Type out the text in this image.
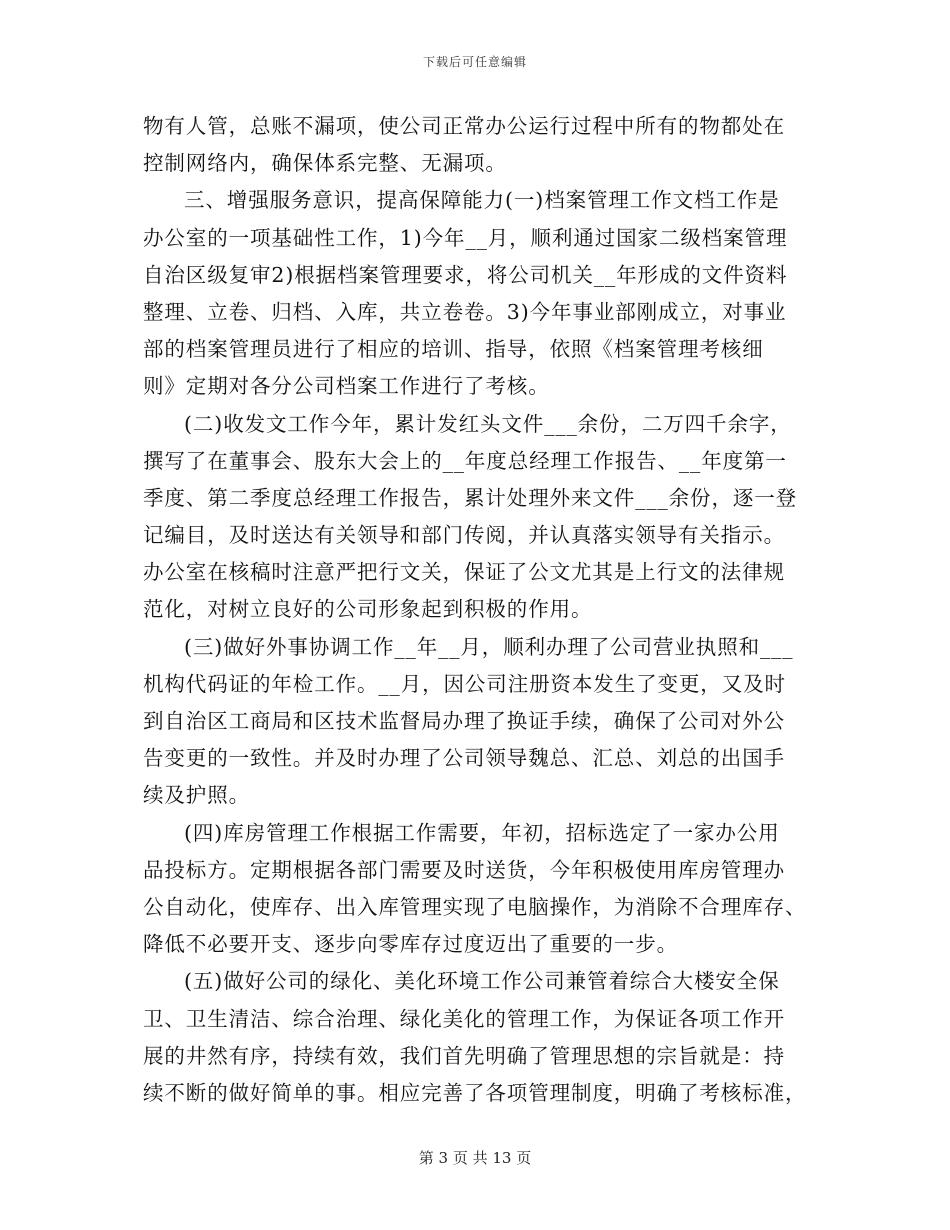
下载后可任意编辑
物有人管，总账不漏项，使公司正常办公运行过程中所有的物都处在
控制网络内，确保体系完整、无漏项。
三、增强服务意识，提高保障能力(一)档案管理工作文档工作是
办公室的一项基础性工作，1)今年__月，顺利通过国家二级档案管理
自治区级复审2)根据档案管理要求，将公司机关__年形成的文件资料
整理、立卷、归档、入库，共立卷卷。3)今年事业部刚成立，对事业
部的档案管理员进行了相应的培训、指导，依照《档案管理考核细
则》定期对各分公司档案工作进行了考核。
(二)收发文工作今年，累计发红头文件___余份，二万四千余字，
撰写了在董事会、股东大会上的__年度总经理工作报告、__年度第一
季度、第二季度总经理工作报告，累计处理外来文件___余份，逐一登
记编目，及时送达有关领导和部门传阅，并认真落实领导有关指示。
办公室在核稿时注意严把行文关，保证了公文尤其是上行文的法律规
范化，对树立良好的公司形象起到积极的作用。
(三)做好外事协调工作__年__月，顺利办理了公司营业执照和___
机构代码证的年检工作。__月，因公司注册资本发生了变更，又及时
到自治区工商局和区技术监督局办理了换证手续，确保了公司对外公
告变更的一致性。并及时办理了公司领导魏总、汇总、刘总的出国手
续及护照。
(四)库房管理工作根据工作需要，年初，招标选定了一家办公用
品投标方。定期根据各部门需要及时送货，今年积极使用库房管理办
公自动化，使库存、出入库管理实现了电脑操作，为消除不合理库存、
降低不必要开支、逐步向零库存过度迈出了重要的一步。
(五)做好公司的绿化、美化环境工作公司兼管着综合大楼安全保
卫、卫生清洁、综合治理、绿化美化的管理工作，为保证各项工作开
展的井然有序，持续有效，我们首先明确了管理思想的宗旨就是：持
续不断的做好简单的事。相应完善了各项管理制度，明确了考核标准，
第 3 页 共 13 页
